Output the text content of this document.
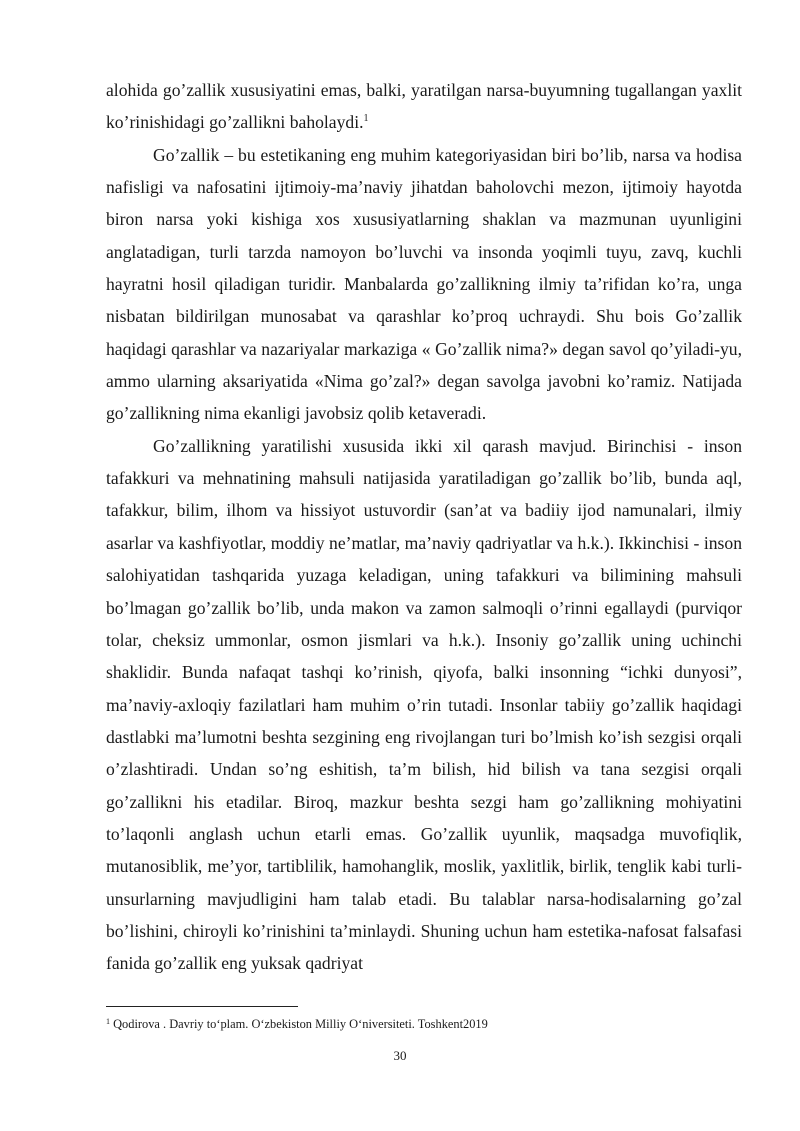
alohida go’zallik xususiyatini emas, balki, yaratilgan narsa-buyumning tugallangan yaxlit ko’rinishidagi go’zallikni baholaydi.$^1$

Go’zallik – bu estetikaning eng muhim kategoriyasidan biri bo’lib, narsa va hodisa nafisligi va nafosatini ijtimoiy-ma’naviy jihatdan baholovchi mezon, ijtimoiy hayotda biron narsa yoki kishiga xos xususiyatlarning shaklan va mazmunan uyunligini anglatadigan, turli tarzda namoyon bo’luvchi va insonda yoqimli tuyu, zavq, kuchli hayratni hosil qiladigan turidir. Manbalarda go’zallikning ilmiy ta’rifidan ko’ra, unga nisbatan bildirilgan munosabat va qarashlar ko’proq uchraydi. Shu bois Go’zallik haqidagi qarashlar va nazariyalar markaziga « Go’zallik nima?» degan savol qo’yiladi-yu, ammo ularning aksariyatida «Nima go’zal?» degan savolga javobni ko’ramiz. Natijada go’zallikning nima ekanligi javobsiz qolib ketaveradi.

Go’zallikning yaratilishi xususida ikki xil qarash mavjud. Birinchisi - inson tafakkuri va mehnatining mahsuli natijasida yaratiladigan go’zallik bo’lib, bunda aql, tafakkur, bilim, ilhom va hissiyot ustuvordir (san’at va badiiy ijod namunalari, ilmiy asarlar va kashfiyotlar, moddiy ne’matlar, ma’naviy qadriyatlar va h.k.). Ikkinchisi - inson salohiyatidan tashqarida yuzaga keladigan, uning tafakkuri va bilimining mahsuli bo’lmagan go’zallik bo’lib, unda makon va zamon salmoqli o’rinni egallaydi (purviqor tolar, cheksiz ummonlar, osmon jismlari va h.k.). Insoniy go’zallik uning uchinchi shaklidir. Bunda nafaqat tashqi ko’rinish, qiyofa, balki insonning “ichki dunyosi”, ma’naviy-axloqiy fazilatlari ham muhim o’rin tutadi. Insonlar tabiiy go’zallik haqidagi dastlabki ma’lumotni beshta sezgining eng rivojlangan turi bo’lmish ko’ish sezgisi orqali o’zlashtiradi. Undan so’ng eshitish, ta’m bilish, hid bilish va tana sezgisi orqali go’zallikni his etadilar. Biroq, mazkur beshta sezgi ham go’zallikning mohiyatini to’laqonli anglash uchun etarli emas. Go’zallik uyunlik, maqsadga muvofiqlik, mutanosiblik, me’yor, tartiblilik, hamohanglik, moslik, yaxlitlik, birlik, tenglik kabi turli-unsurlarning mavjudligini ham talab etadi. Bu talablar narsa-hodisalarning go’zal bo’lishini, chiroyli ko’rinishini ta’minlaydi. Shuning uchun ham estetika-nafosat falsafasi fanida go’zallik eng yuksak qadriyat

$^1$ Qodirova . Davriy to‘plam. O‘zbekiston Milliy O‘niversiteti. Toshkent2019
30
